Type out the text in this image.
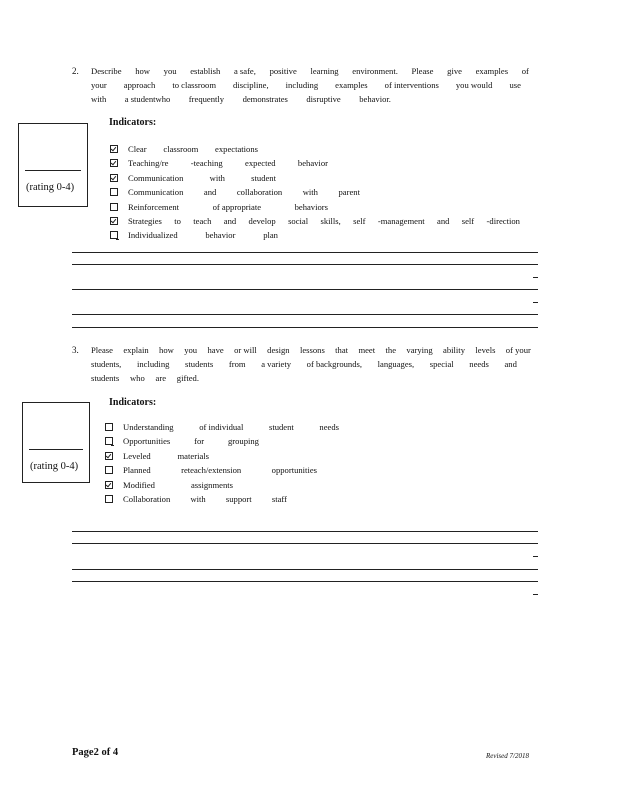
2. Describe how you establish a safe, positive learning environment. Please give examples of
your approach to classroom discipline, including examples of interventions you would use
with a studentwho frequently demonstrates disruptive behavior.
(rating 0-4)
Indicators:
Clear classroom expectations
Teaching/re	-teaching	expected	behavior
Communication	with	student
Communication and collaboration with parent
Reinforcement	of appropriate	behaviors
Strategies to teach and develop social skills, self -management and self -direction
Individualized	behavior	plan
3. Please explain how you have or will design lessons that meet the varying ability levels of your
students, including students from a variety of backgrounds, languages, special needs and
students who are gifted.
(rating 0-4)
Indicators:
Understanding	of individual	student	needs
Opportunities	for	grouping
Leveled	materials
Planned	reteach/extension	opportunities
Modified	assignments
Collaboration with support staff
Page2 of 4	Revised 7/2018
